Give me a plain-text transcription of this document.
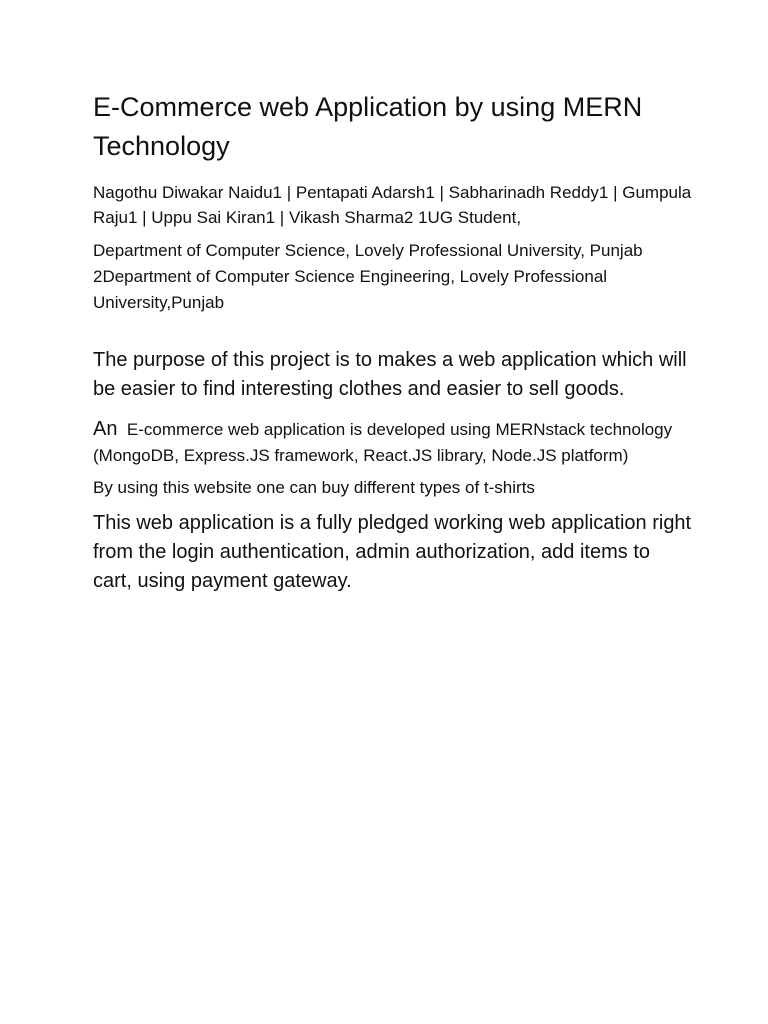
E-Commerce web Application by using MERN Technology

Nagothu Diwakar Naidu1 | Pentapati Adarsh1 | Sabharinadh Reddy1 | Gumpula Raju1 | Uppu Sai Kiran1 | Vikash Sharma2 1UG Student,

Department of Computer Science, Lovely Professional University, Punjab 2Department of Computer Science Engineering, Lovely Professional University,Punjab

The purpose of this project is to makes a web application which will be easier to find interesting clothes and easier to sell goods.

An E-commerce web application is developed using MERNstack technology (MongoDB, Express.JS framework, React.JS library, Node.JS platform)

By using this website one can buy different types of t-shirts

This web application is a fully pledged working web application right from the login authentication, admin authorization, add items to cart, using payment gateway.
